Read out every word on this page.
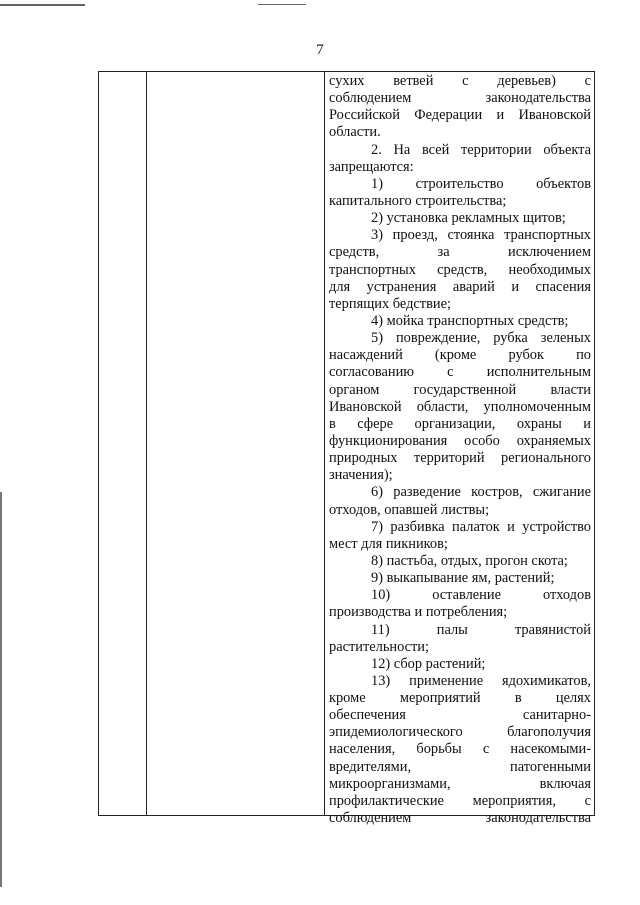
7
сухих ветвей с деревьев) с
соблюдением законодательства
Российской Федерации и Ивановской
области.
2. На всей территории объекта
запрещаются:
1) строительство объектов
капитального строительства;
2) установка рекламных щитов;
3) проезд, стоянка транспортных
средств, за исключением
транспортных средств, необходимых
для устранения аварий и спасения
терпящих бедствие;
4) мойка транспортных средств;
5) повреждение, рубка зеленых
насаждений (кроме рубок по
согласованию с исполнительным
органом государственной власти
Ивановской области, уполномоченным
в сфере организации, охраны и
функционирования особо охраняемых
природных территорий регионального
значения);
6) разведение костров, сжигание
отходов, опавшей листвы;
7) разбивка палаток и устройство
мест для пикников;
8) пастьба, отдых, прогон скота;
9) выкапывание ям, растений;
10) оставление отходов
производства и потребления;
11) палы травянистой
растительности;
12) сбор растений;
13) применение ядохимикатов,
кроме мероприятий в целях
обеспечения санитарно-
эпидемиологического благополучия
населения, борьбы с насекомыми-
вредителями, патогенными
микроорганизмами, включая
профилактические мероприятия, с
соблюдением законодательства
